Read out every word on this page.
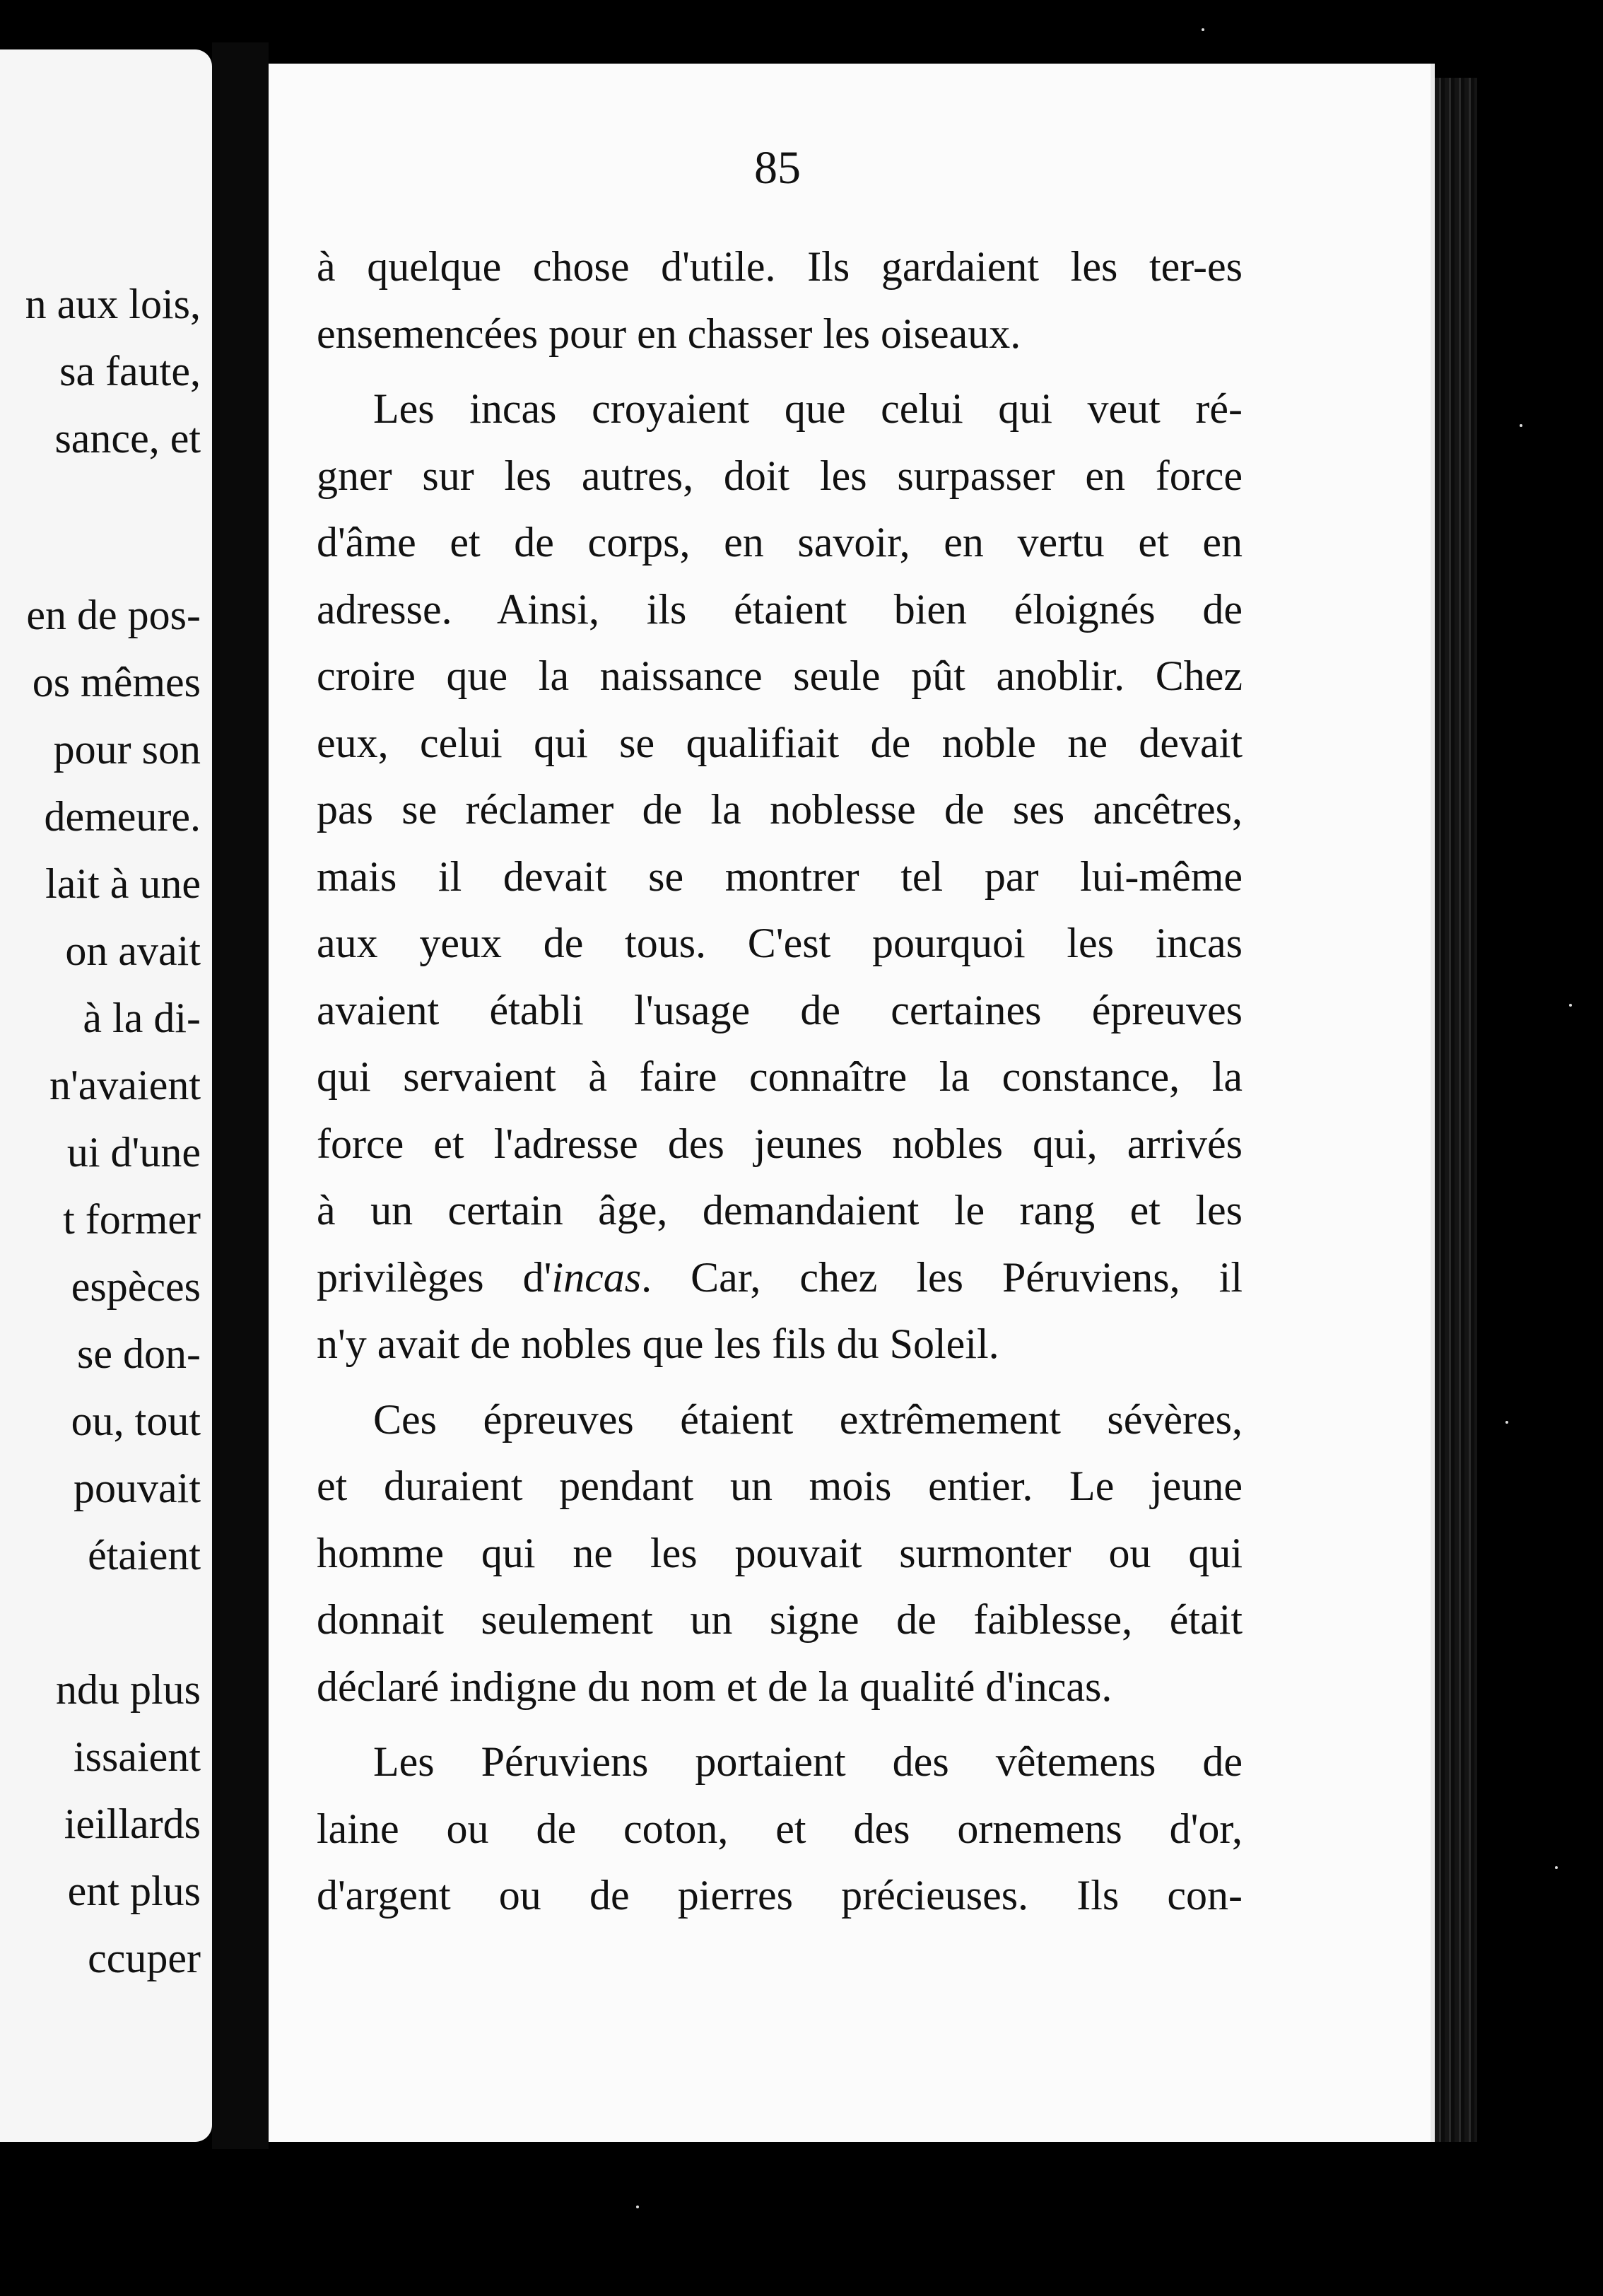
n aux lois,
sa faute,
sance, et
en de pos-
os mêmes
pour son
demeure.
lait à une
on avait
à la di-
n'avaient
ui d'une
t former
espèces
se don-
ou, tout
pouvait
étaient
ndu plus
issaient
ieillards
ent plus
ccuper
85
à quelque chose d'utile. Ils gardaient les ter-es
ensemencées pour en chasser les oiseaux.
Les incas croyaient que celui qui veut ré-
gner sur les autres, doit les surpasser en force
d'âme et de corps, en savoir, en vertu et en
adresse. Ainsi, ils étaient bien éloignés de
croire que la naissance seule pût anoblir. Chez
eux, celui qui se qualifiait de noble ne devait
pas se réclamer de la noblesse de ses ancêtres,
mais il devait se montrer tel par lui-même
aux yeux de tous. C'est pourquoi les incas
avaient établi l'usage de certaines épreuves
qui servaient à faire connaître la constance, la
force et l'adresse des jeunes nobles qui, arrivés
à un certain âge, demandaient le rang et les
privilèges d'incas. Car, chez les Péruviens, il
n'y avait de nobles que les fils du Soleil.
Ces épreuves étaient extrêmement sévères,
et duraient pendant un mois entier. Le jeune
homme qui ne les pouvait surmonter ou qui
donnait seulement un signe de faiblesse, était
déclaré indigne du nom et de la qualité d'incas.
Les Péruviens portaient des vêtemens de
laine ou de coton, et des ornemens d'or,
d'argent ou de pierres précieuses. Ils con-
